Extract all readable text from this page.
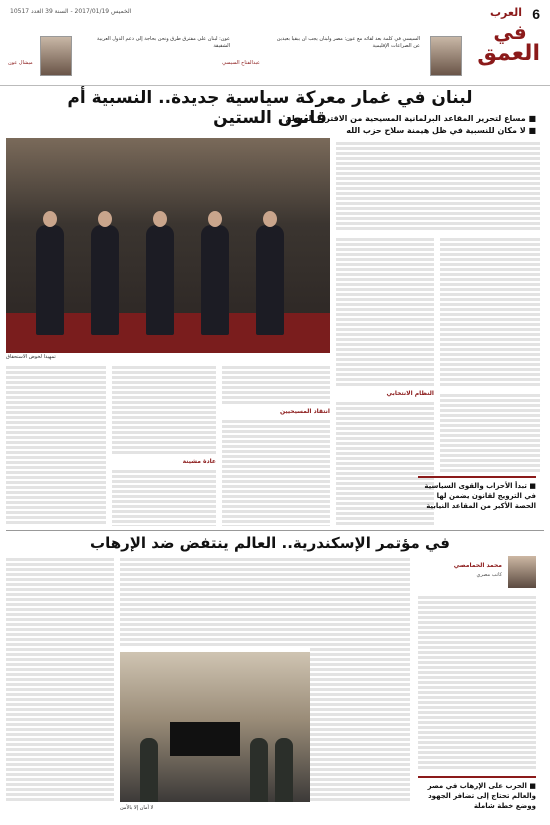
6
العرب
الخميس 2017/01/19 - السنة 39 العدد 10517
في
العمق
السيسي في كلمة بعد لقائه مع عون: مصر ولبنان يجب أن يبقيا بعيدين عن الصراعات الإقليمية
عبدالفتاح السيسي
عون: لبنان على مفترق طرق ونحن بحاجة إلى دعم الدول العربية الشقيقة
ميشال عون
لبنان في غمار معركة سياسية جديدة.. النسبية أم قانون الستين
■ مساع لتحرير المقاعد البرلمانية المسيحية من الاقتراع المسلم
■ لا مكان للنسبية في ظل هيمنة سلاح حزب الله
تمهيدا لخوض الاستحقاق
النظام الانتخابي
عادة مشينة
انتقاد المسيحيين
■ تبدأ الأحزاب والقوى السياسية في الترويج لقانون يضمن لها الحصة الأكبر من المقاعد النيابية
في مؤتمر الإسكندرية.. العالم ينتفض ضد الإرهاب
محمد الحمامصي
كاتب مصري
لا أمان إلا بالأمن
■ الحرب على الإرهاب في مصر والعالم تحتاج إلى تضافر الجهود ووضع خطة شاملة
